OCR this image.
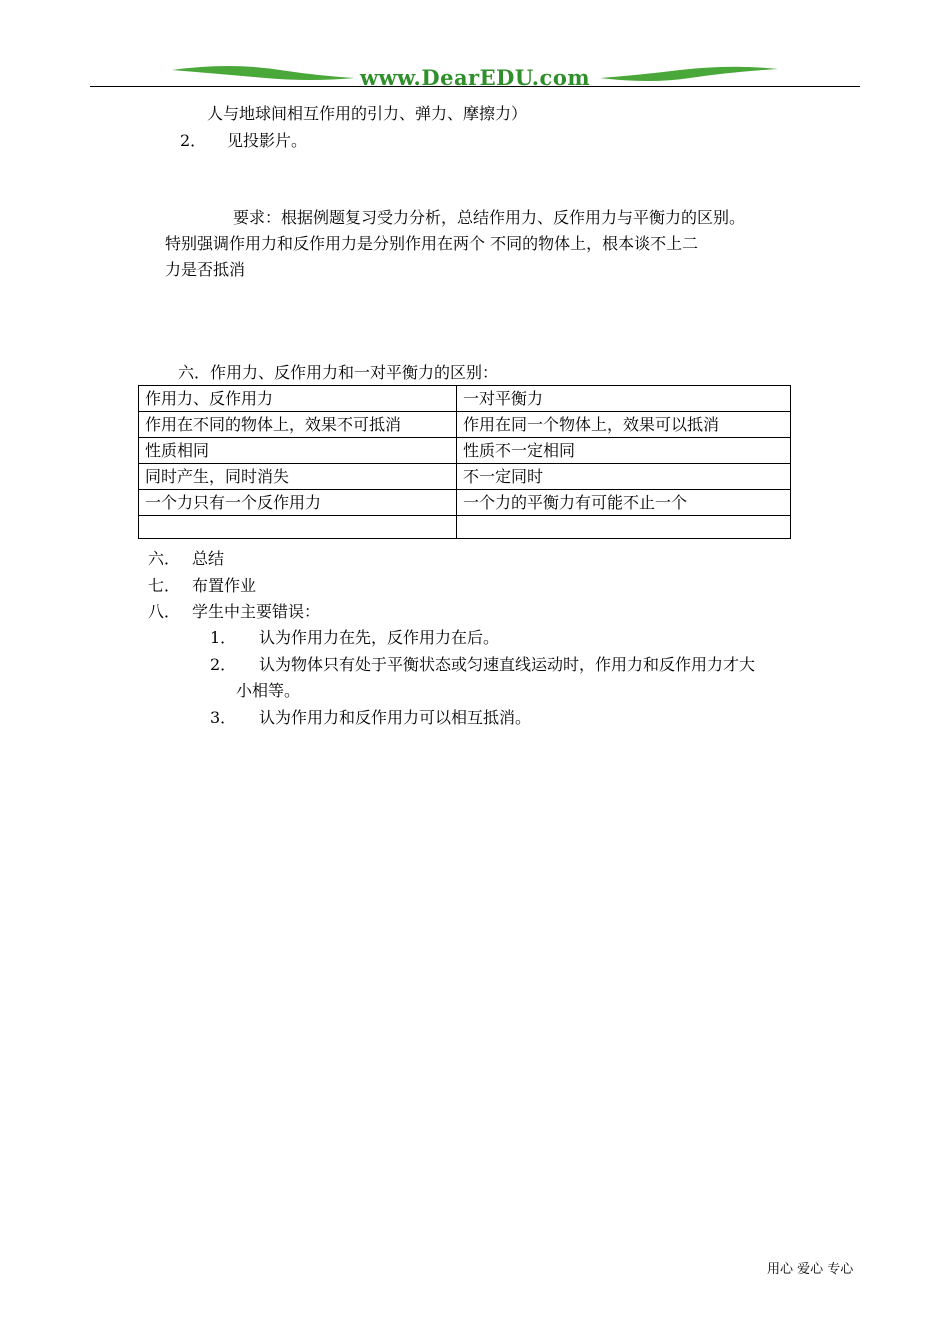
www.DearEDU.com
人与地球间相互作用的引力、弹力、摩擦力）
2． 见投影片。
要求：根据例题复习受力分析，总结作用力、反作用力与平衡力的区别。
特别强调作用力和反作用力是分别作用在两个 不同的物体上，根本谈不上二
力是否抵消
六．作用力、反作用力和一对平衡力的区别：
作用力、反作用力	一对平衡力
作用在不同的物体上，效果不可抵消	作用在同一个物体上，效果可以抵消
性质相同	性质不一定相同
同时产生，同时消失	不一定同时
一个力只有一个反作用力	一个力的平衡力有可能不止一个

六． 总结
七． 布置作业
八． 学生中主要错误：
1． 认为作用力在先，反作用力在后。
2． 认为物体只有处于平衡状态或匀速直线运动时，作用力和反作用力才大
小相等。
3． 认为作用力和反作用力可以相互抵消。
用心 爱心 专心
